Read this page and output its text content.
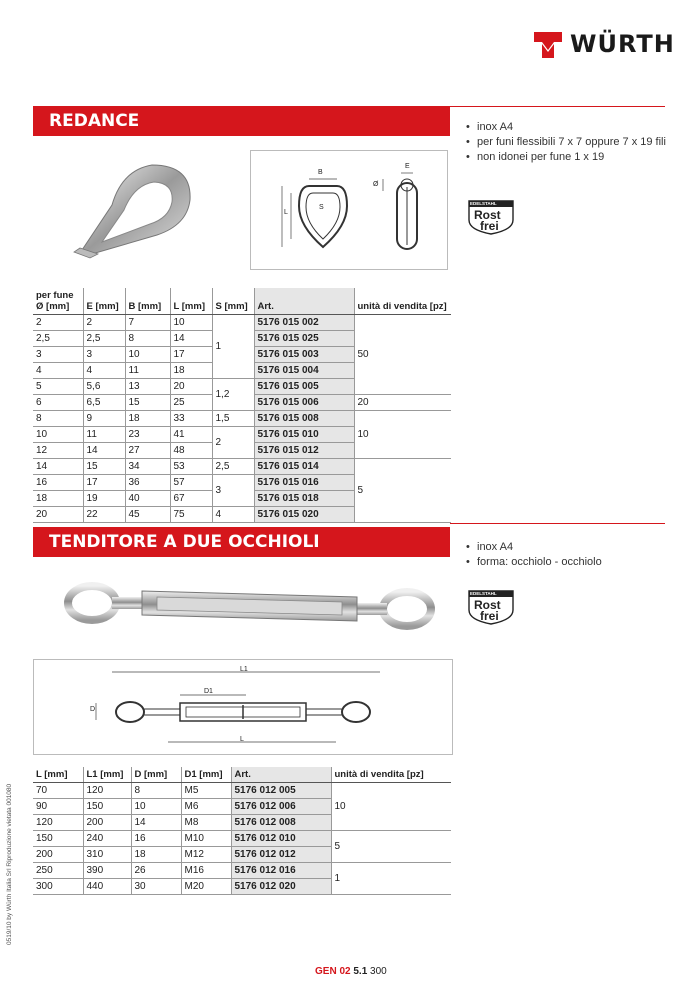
WÜRTH
REDANCE	• inox A4
• per funi flessibili 7 x 7 oppure 7 x 19 fili
• non idonei per fune 1 x 19
EDELSTAHL
Rost
frei
B
S
L
E
Ø
per fune Ø [mm]	E [mm]	B [mm]	L [mm]	S [mm]	Art.	unità di vendita [pz]
2	2	7	10	1	5176 015 002	50
2,5	2,5	8	14		5176 015 025	
3	3	10	17		5176 015 003	
4	4	11	18		5176 015 004	
5	5,6	13	20	1,2	5176 015 005	
6	6,5	15	25		5176 015 006	20
8	9	18	33	1,5	5176 015 008	10
10	11	23	41	2	5176 015 010	
12	14	27	48		5176 015 012	
14	15	34	53	2,5	5176 015 014	5
16	17	36	57	3	5176 015 016	
18	19	40	67		5176 015 018	
20	22	45	75	4	5176 015 020	
TENDITORE A DUE OCCHIOLI	• inox A4
• forma: occhiolo - occhiolo
EDELSTAHL
Rost
frei
L1
D1
D
L
L [mm]	L1 [mm]	D [mm]	D1 [mm]	Art.	unità di vendita [pz]
70	120	8	M5	5176 012 005	10
90	150	10	M6	5176 012 006	
120	200	14	M8	5176 012 008	
150	240	16	M10	5176 012 010	5
200	310	18	M12	5176 012 012	
250	390	26	M16	5176 012 016	1
300	440	30	M20	5176 012 020	
0519/10 by Würth Italia Srl Riproduzione vietata 001080
GEN 02 5.1 300
